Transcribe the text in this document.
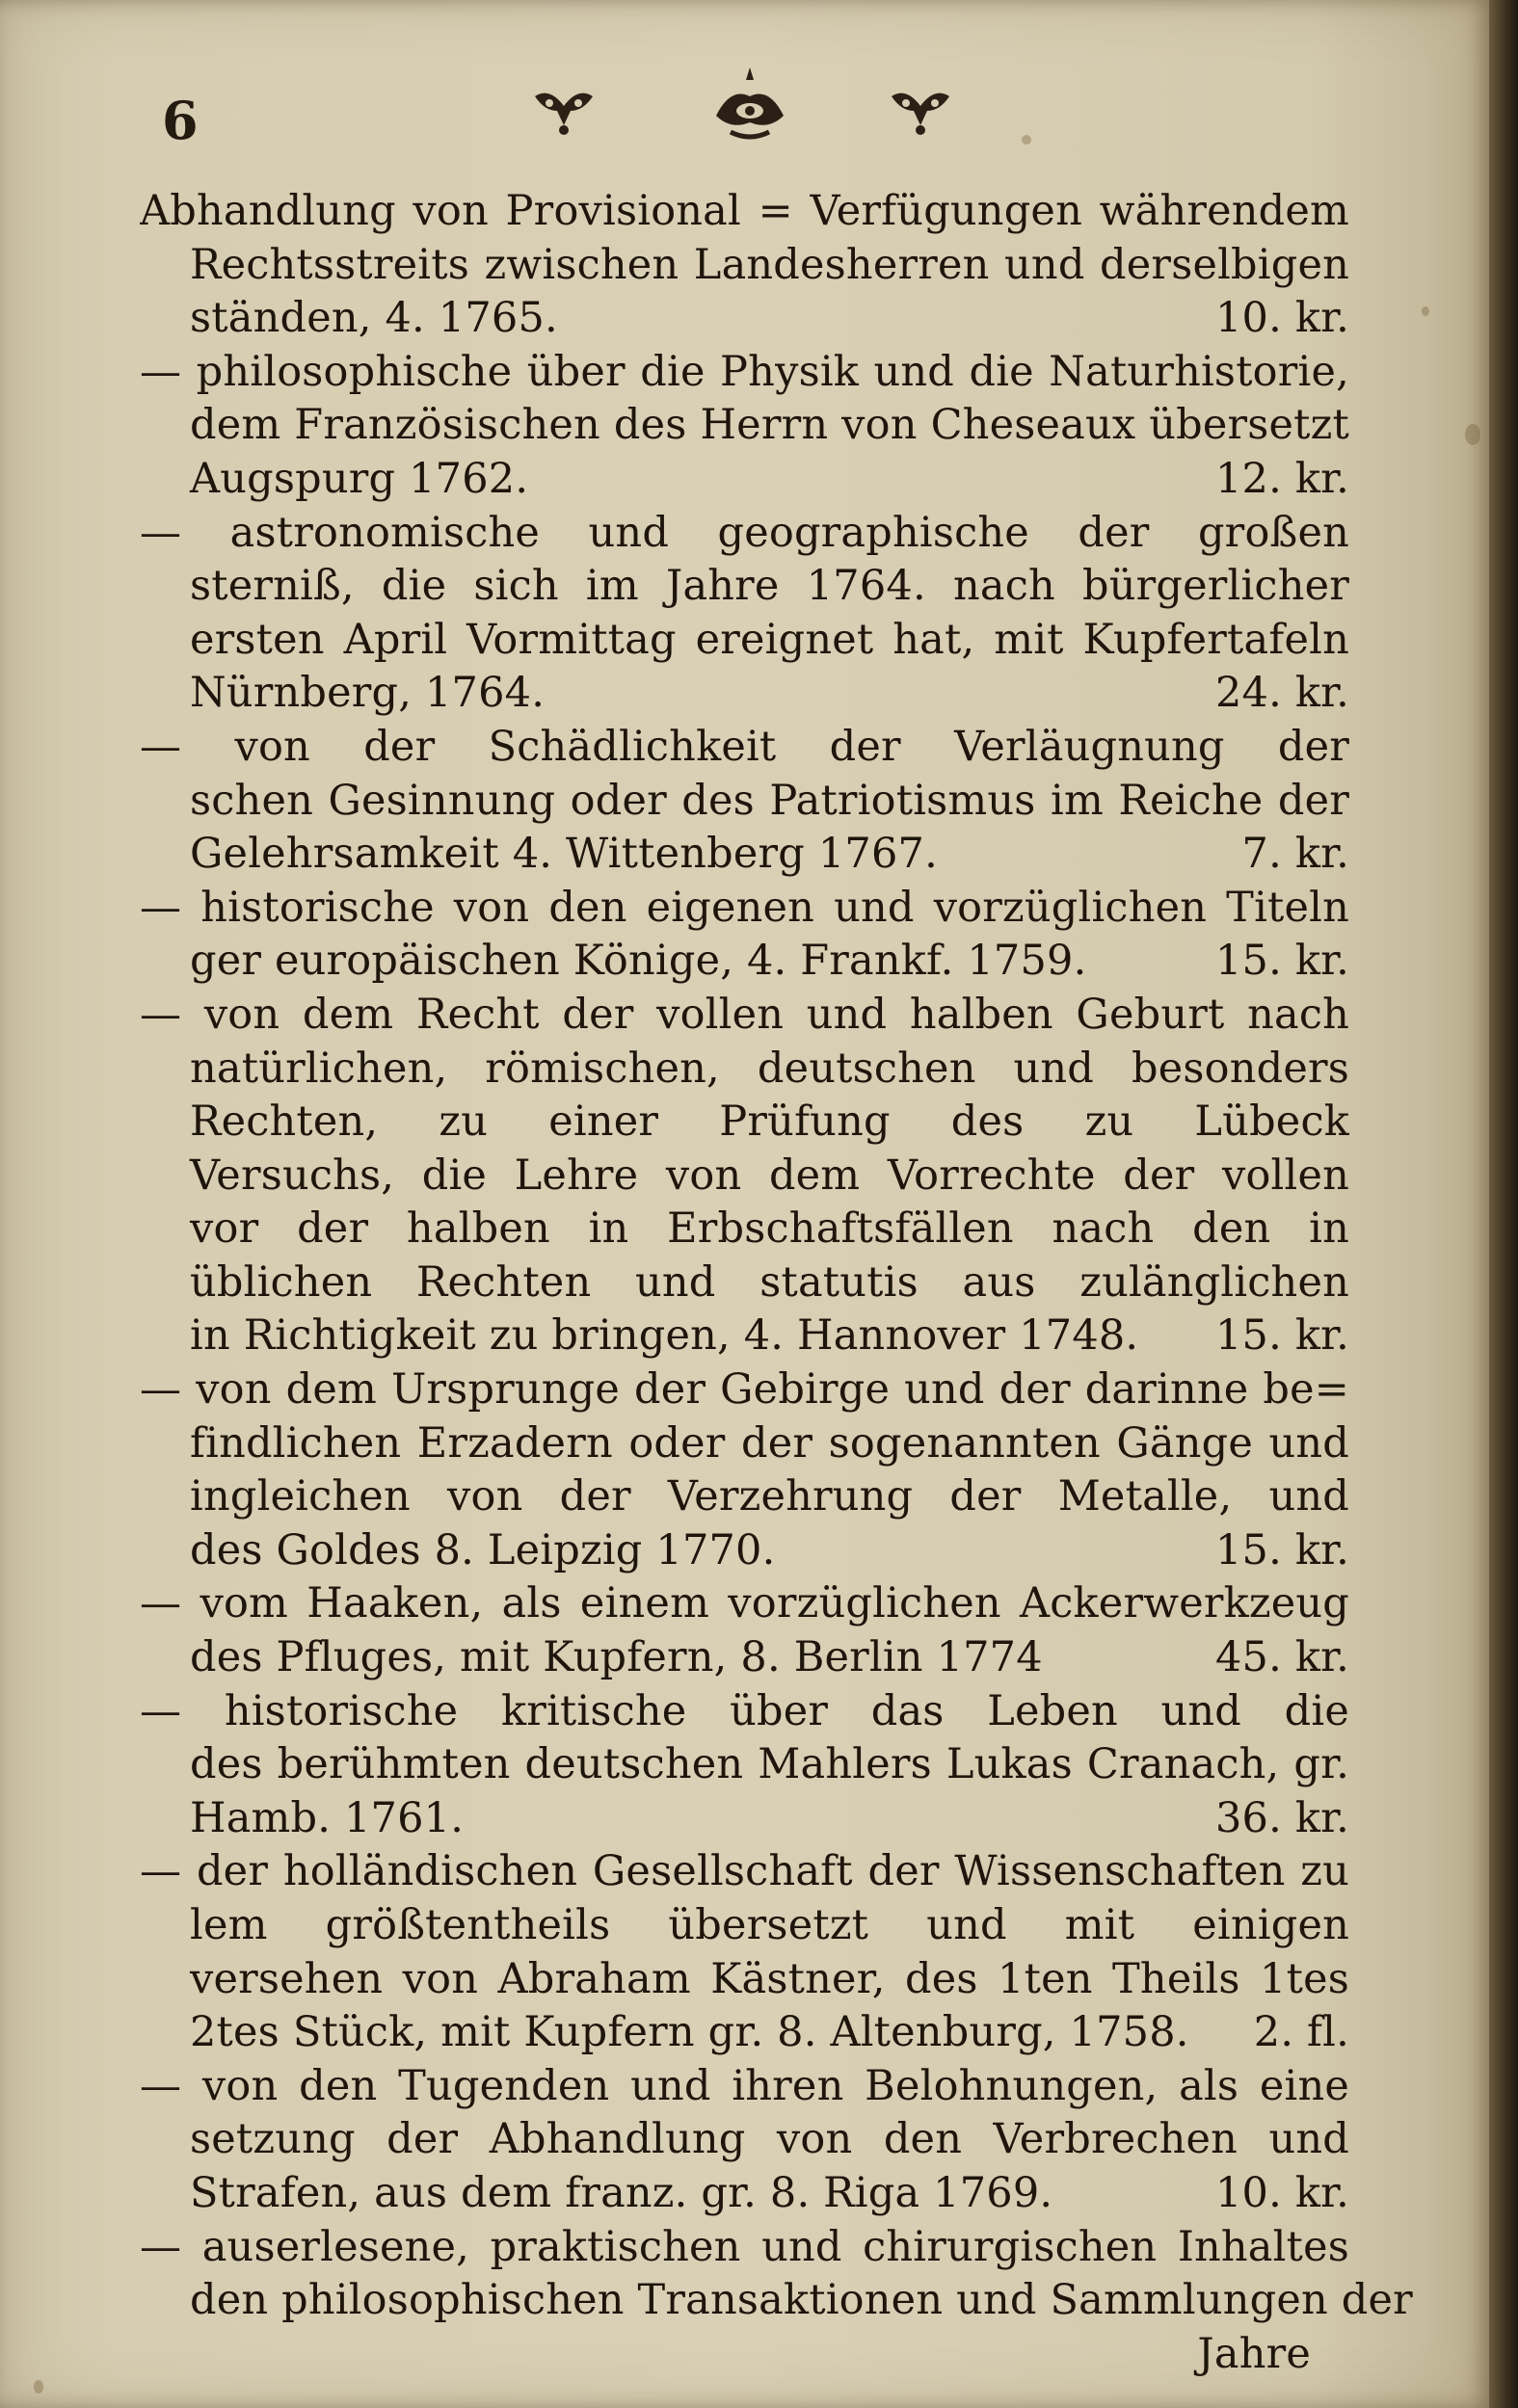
6
Abhandlung von Provisional = Verfügungen währendem
Rechtsstreits zwischen Landesherren und derselbigen
ständen, 4. 1765.	10. kr.
— philosophische über die Physik und die Naturhistorie,
dem Französischen des Herrn von Cheseaux übersetzt
Augspurg 1762.	12. kr.
— astronomische und geographische der großen
sterniß, die sich im Jahre 1764. nach bürgerlicher
ersten April Vormittag ereignet hat, mit Kupfertafeln
Nürnberg, 1764.	24. kr.
— von der Schädlichkeit der Verläugnung der
schen Gesinnung oder des Patriotismus im Reiche der
Gelehrsamkeit 4. Wittenberg 1767.	7. kr.
— historische von den eigenen und vorzüglichen Titeln
ger europäischen Könige, 4. Frankf. 1759.	15. kr.
— von dem Recht der vollen und halben Geburt nach
natürlichen, römischen, deutschen und besonders
Rechten, zu einer Prüfung des zu Lübeck
Versuchs, die Lehre von dem Vorrechte der vollen
vor der halben in Erbschaftsfällen nach den in
üblichen Rechten und statutis aus zulänglichen
in Richtigkeit zu bringen, 4. Hannover 1748. 15. kr.
— von dem Ursprunge der Gebirge und der darinne be=
findlichen Erzadern oder der sogenannten Gänge und
ingleichen von der Verzehrung der Metalle, und
des Goldes 8. Leipzig 1770.	15. kr.
— vom Haaken, als einem vorzüglichen Ackerwerkzeug
des Pfluges, mit Kupfern, 8. Berlin 1774	45. kr.
— historische kritische über das Leben und die
des berühmten deutschen Mahlers Lukas Cranach, gr.
Hamb. 1761.	36. kr.
— der holländischen Gesellschaft der Wissenschaften zu
lem größtentheils übersetzt und mit einigen
versehen von Abraham Kästner, des 1ten Theils 1tes
2tes Stück, mit Kupfern gr. 8. Altenburg, 1758. 2. fl.
— von den Tugenden und ihren Belohnungen, als eine
setzung der Abhandlung von den Verbrechen und
Strafen, aus dem franz. gr. 8. Riga 1769.	10. kr.
— auserlesene, praktischen und chirurgischen Inhaltes
den philosophischen Transaktionen und Sammlungen der
Jahre
